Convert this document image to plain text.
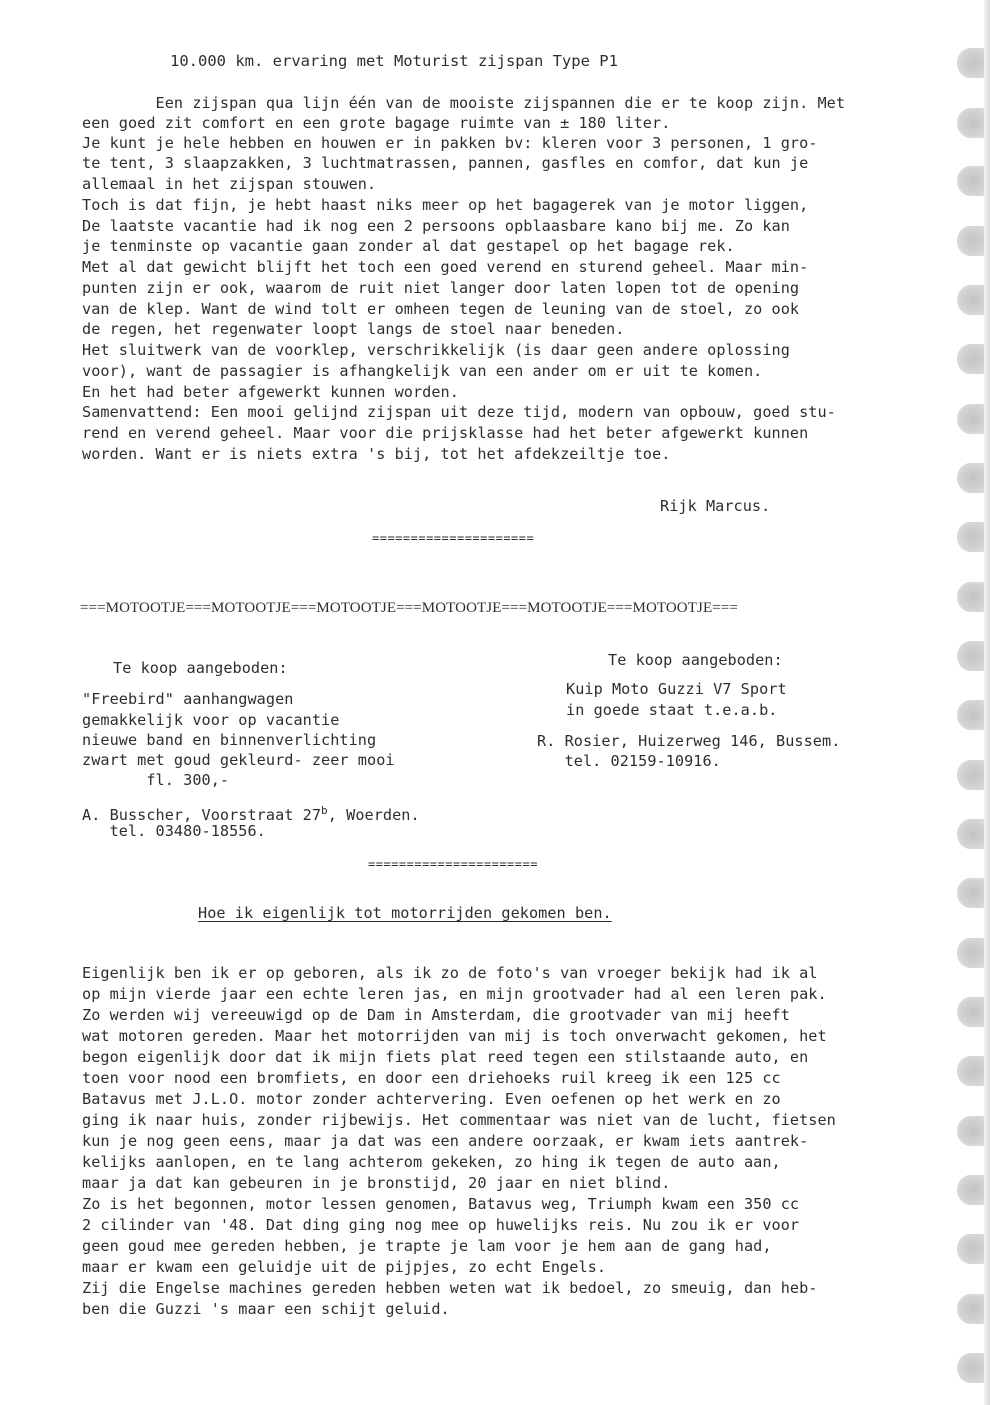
10.000 km. ervaring met Moturist zijspan Type P1
Een zijspan qua lijn één van de mooiste zijspannen die er te koop zijn. Met
een goed zit comfort en een grote bagage ruimte van ± 180 liter.
Je kunt je hele hebben en houwen er in pakken bv: kleren voor 3 personen, 1 gro-
te tent, 3 slaapzakken, 3 luchtmatrassen, pannen, gasfles en comfor, dat kun je
allemaal in het zijspan stouwen.
Toch is dat fijn, je hebt haast niks meer op het bagagerek van je motor liggen,
De laatste vacantie had ik nog een 2 persoons opblaasbare kano bij me. Zo kan
je tenminste op vacantie gaan zonder al dat gestapel op het bagage rek.
Met al dat gewicht blijft het toch een goed verend en sturend geheel. Maar min-
punten zijn er ook, waarom de ruit niet langer door laten lopen tot de opening
van de klep. Want de wind tolt er omheen tegen de leuning van de stoel, zo ook
de regen, het regenwater loopt langs de stoel naar beneden.
Het sluitwerk van de voorklep, verschrikkelijk (is daar geen andere oplossing
voor), want de passagier is afhangkelijk van een ander om er uit te komen.
En het had beter afgewerkt kunnen worden.
Samenvattend: Een mooi gelijnd zijspan uit deze tijd, modern van opbouw, goed stu-
rend en verend geheel. Maar voor die prijsklasse had het beter afgewerkt kunnen
worden. Want er is niets extra 's bij, tot het afdekzeiltje toe.
Rijk Marcus.
=====================
===MOTOOTJE===MOTOOTJE===MOTOOTJE===MOTOOTJE===MOTOOTJE===MOTOOTJE===
Te koop aangeboden:
"Freebird" aanhangwagen
gemakkelijk voor op vacantie
nieuwe band en binnenverlichting
zwart met goud gekleurd- zeer mooi
fl. 300,-
A. Busscher, Voorstraat 27$^b$, Woerden.
tel. 03480-18556.
Te koop aangeboden:
Kuip Moto Guzzi V7 Sport
in goede staat t.e.a.b.
R. Rosier, Huizerweg 146, Bussem.
tel. 02159-10916.
======================
Hoe ik eigenlijk tot motorrijden gekomen ben.
Eigenlijk ben ik er op geboren, als ik zo de foto's van vroeger bekijk had ik al
op mijn vierde jaar een echte leren jas, en mijn grootvader had al een leren pak.
Zo werden wij vereeuwigd op de Dam in Amsterdam, die grootvader van mij heeft
wat motoren gereden. Maar het motorrijden van mij is toch onverwacht gekomen, het
begon eigenlijk door dat ik mijn fiets plat reed tegen een stilstaande auto, en
toen voor nood een bromfiets, en door een driehoeks ruil kreeg ik een 125 cc
Batavus met J.L.O. motor zonder achtervering. Even oefenen op het werk en zo
ging ik naar huis, zonder rijbewijs. Het commentaar was niet van de lucht, fietsen
kun je nog geen eens, maar ja dat was een andere oorzaak, er kwam iets aantrek-
kelijks aanlopen, en te lang achterom gekeken, zo hing ik tegen de auto aan,
maar ja dat kan gebeuren in je bronstijd, 20 jaar en niet blind.
Zo is het begonnen, motor lessen genomen, Batavus weg, Triumph kwam een 350 cc
2 cilinder van '48. Dat ding ging nog mee op huwelijks reis. Nu zou ik er voor
geen goud mee gereden hebben, je trapte je lam voor je hem aan de gang had,
maar er kwam een geluidje uit de pijpjes, zo echt Engels.
Zij die Engelse machines gereden hebben weten wat ik bedoel, zo smeuig, dan heb-
ben die Guzzi 's maar een schijt geluid.
